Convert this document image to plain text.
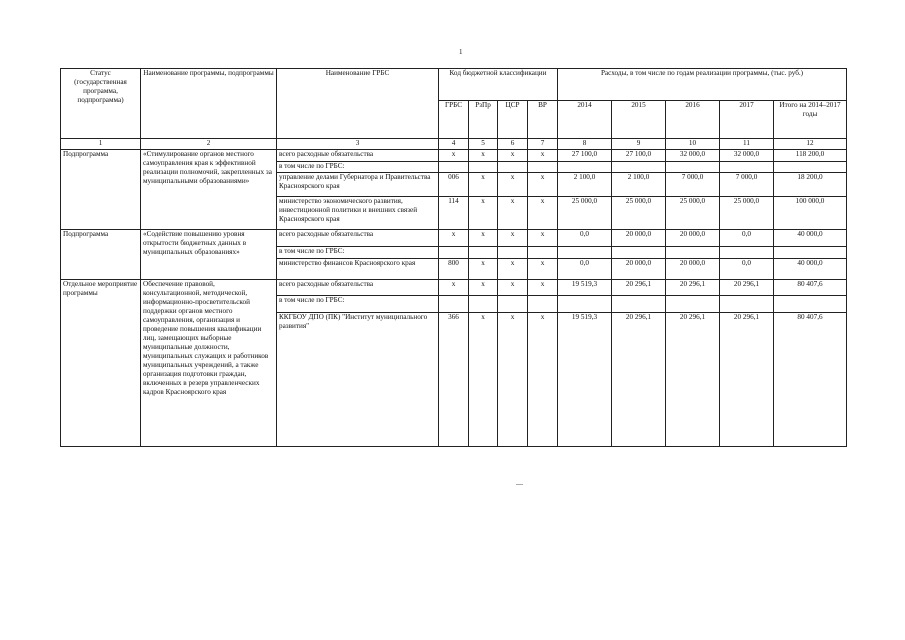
1
Статус (государственная программа, подпрограмма)	Наименование программы, подпрограммы	Наименование ГРБС	Код бюджетной классификации				Расходы, в том числе по годам реализации программы, (тыс. руб.)				
			ГРБС	РзПр	ЦСР	ВР	2014	2015	2016	2017	Итого на 2014–2017 годы
1	2	3	4	5	6	7	8	9	10	11	12
Подпрограмма	«Стимулирование органов местного самоуправления края к эффективной реализации полномочий, закрепленных за муниципальными образованиями»	всего расходные обязательства	х	х	х	х	27 100,0	27 100,0	32 000,0	32 000,0	118 200,0
		в том числе по ГРБС:									
		управление делами Губернатора и Правительства Красноярского края	006	х	х	х	2 100,0	2 100,0	7 000,0	7 000,0	18 200,0
		министерство экономического развития, инвестиционной политики и внешних связей Красноярского края	114	х	х	х	25 000,0	25 000,0	25 000,0	25 000,0	100 000,0
Подпрограмма	«Содействие повышению уровня открытости бюджетных данных в муниципальных образованиях»	всего расходные обязательства	х	х	х	х	0,0	20 000,0	20 000,0	0,0	40 000,0
		в том числе по ГРБС:									
		министерство финансов Красноярского края	800	х	х	х	0,0	20 000,0	20 000,0	0,0	40 000,0
Отдельное мероприятие программы	Обеспечение правовой, консультационной, методической, информационно-просветительской поддержки органов местного самоуправления, организация и проведение повышения квалификации лиц, замещающих выборные муниципальные должности, муниципальных служащих и работников муниципальных учреждений, а также организация подготовки граждан, включенных в резерв управленческих кадров Красноярского края	всего расходные обязательства	х	х	х	х	19 519,3	20 296,1	20 296,1	20 296,1	80 407,6
		в том числе по ГРБС:									
		ККГБОУ ДПО (ПК) "Институт муниципального развития"	366	х	х	х	19 519,3	20 296,1	20 296,1	20 296,1	80 407,6
—
